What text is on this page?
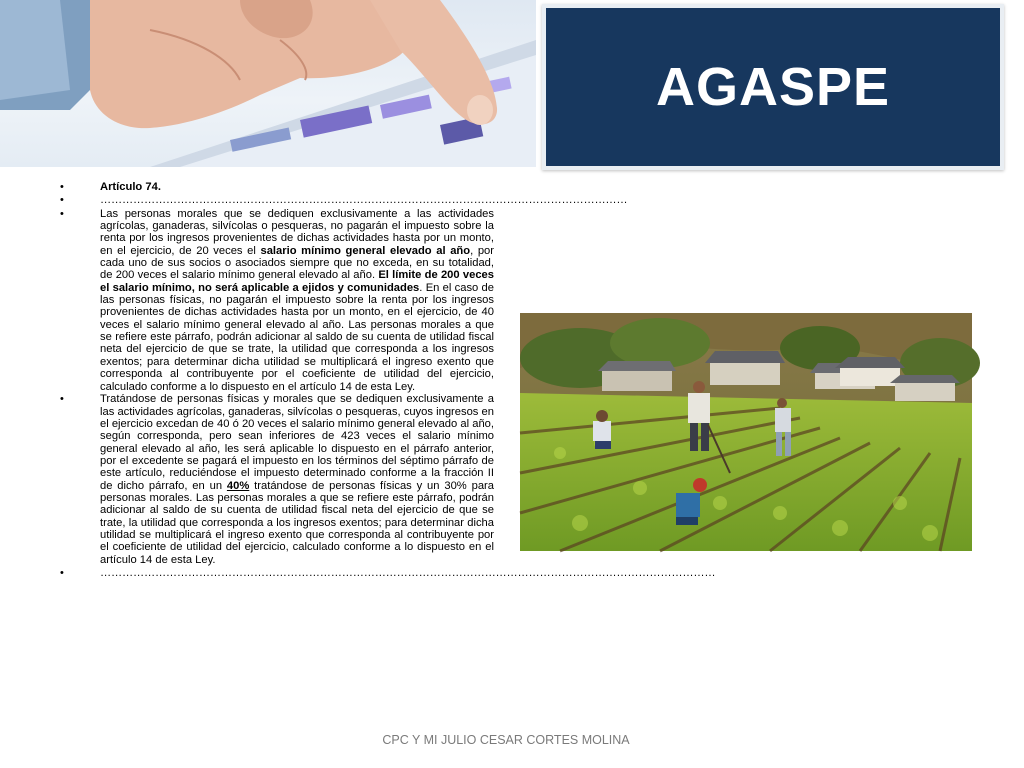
AGASPE
• Artículo 74.
• ………………………………………………………………………………………………………………………………
• Las personas morales que se dediquen exclusivamente a las actividades agrícolas, ganaderas, silvícolas o pesqueras, no pagarán el impuesto sobre la renta por los ingresos provenientes de dichas actividades hasta por un monto, en el ejercicio, de 20 veces el salario mínimo general elevado al año, por cada uno de sus socios o asociados siempre que no exceda, en su totalidad, de 200 veces el salario mínimo general elevado al año. El límite de 200 veces el salario mínimo, no será aplicable a ejidos y comunidades. En el caso de las personas físicas, no pagarán el impuesto sobre la renta por los ingresos provenientes de dichas actividades hasta por un monto, en el ejercicio, de 40 veces el salario mínimo general elevado al año. Las personas morales a que se refiere este párrafo, podrán adicionar al saldo de su cuenta de utilidad fiscal neta del ejercicio de que se trate, la utilidad que corresponda a los ingresos exentos; para determinar dicha utilidad se multiplicará el ingreso exento que corresponda al contribuyente por el coeficiente de utilidad del ejercicio, calculado conforme a lo dispuesto en el artículo 14 de esta Ley.
• Tratándose de personas físicas y morales que se dediquen exclusivamente a las actividades agrícolas, ganaderas, silvícolas o pesqueras, cuyos ingresos en el ejercicio excedan de 40 ó 20 veces el salario mínimo general elevado al año, según corresponda, pero sean inferiores de 423 veces el salario mínimo general elevado al año, les será aplicable lo dispuesto en el párrafo anterior, por el excedente se pagará el impuesto en los términos del séptimo párrafo de este artículo, reduciéndose el impuesto determinado conforme a la fracción II de dicho párrafo, en un 40% tratándose de personas físicas y un 30% para personas morales. Las personas morales a que se refiere este párrafo, podrán adicionar al saldo de su cuenta de utilidad fiscal neta del ejercicio de que se trate, la utilidad que corresponda a los ingresos exentos; para determinar dicha utilidad se multiplicará el ingreso exento que corresponda al contribuyente por el coeficiente de utilidad del ejercicio, calculado conforme a lo dispuesto en el artículo 14 de esta Ley.
• ……………………………………………………………………………………………………………………………………………………
CPC Y MI JULIO CESAR CORTES MOLINA
